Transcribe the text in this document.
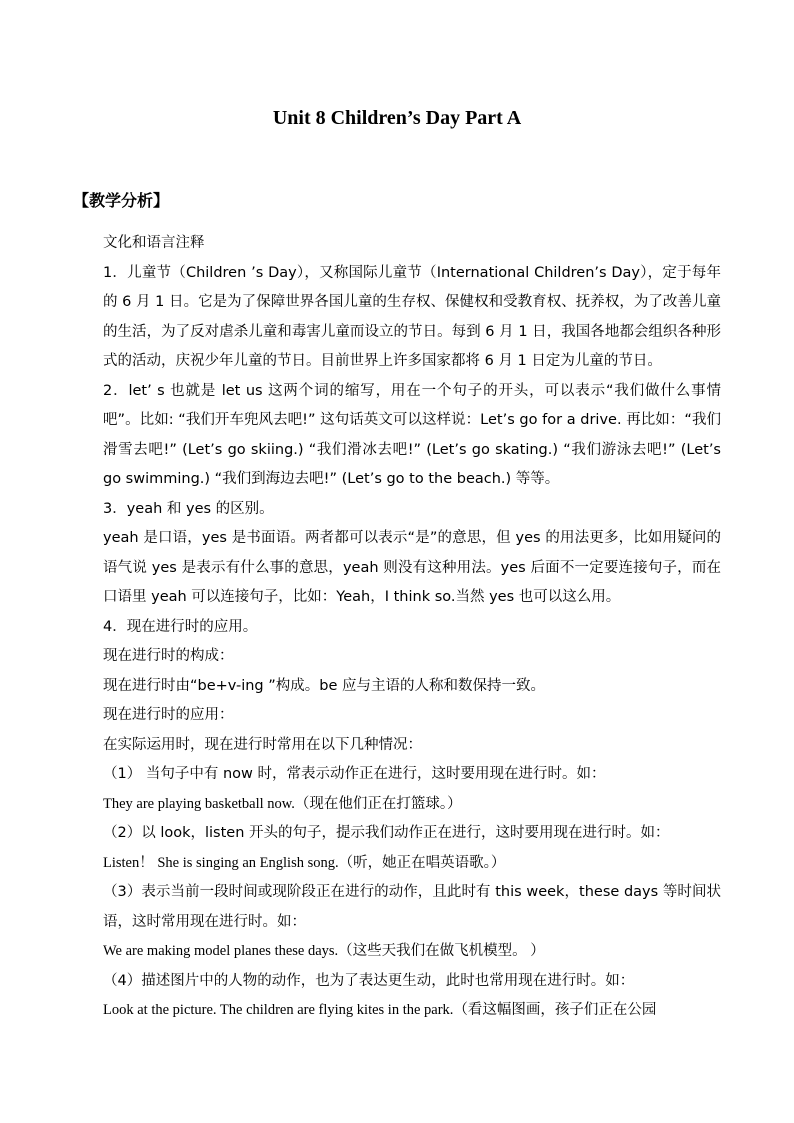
Unit 8 Children’s Day Part A
【教学分析】

文化和语言注释

1．儿童节（Children ’s Day），又称国际儿童节（International Children’s Day），定于每年的 6 月 1 日。它是为了保障世界各国儿童的生存权、保健权和受教育权、抚养权，为了改善儿童的生活，为了反对虐杀儿童和毒害儿童而设立的节日。每到 6 月 1 日，我国各地都会组织各种形式的活动，庆祝少年儿童的节日。目前世界上许多国家都将 6 月 1 日定为儿童的节日。

2．let’ s 也就是 let us 这两个词的缩写，用在一个句子的开头，可以表示“我们做什么事情吧”。比如: “我们开车兜风去吧!” 这句话英文可以这样说：Let’s go for a drive. 再比如：“我们滑雪去吧!” (Let’s go skiing.) “我们滑冰去吧!” (Let’s go skating.) “我们游泳去吧!” (Let’s go swimming.) “我们到海边去吧!” (Let’s go to the beach.) 等等。

3．yeah 和 yes 的区别。

yeah 是口语，yes 是书面语。两者都可以表示“是”的意思，但 yes 的用法更多，比如用疑问的语气说 yes 是表示有什么事的意思，yeah 则没有这种用法。yes 后面不一定要连接句子，而在口语里 yeah 可以连接句子，比如：Yeah，I think so.当然 yes 也可以这么用。

4．现在进行时的应用。

现在进行时的构成：

现在进行时由“be+v-ing ”构成。be 应与主语的人称和数保持一致。

现在进行时的应用：

在实际运用时，现在进行时常用在以下几种情况：

（1） 当句子中有 now 时，常表示动作正在进行，这时要用现在进行时。如：

They are playing basketball now.（现在他们正在打篮球。）

（2）以 look，listen 开头的句子，提示我们动作正在进行，这时要用现在进行时。如：

Listen！ She is singing an English song.（听，她正在唱英语歌。）

（3）表示当前一段时间或现阶段正在进行的动作，且此时有 this week，these days 等时间状语，这时常用现在进行时。如：

We are making model planes these days.（这些天我们在做飞机模型。 ）

（4）描述图片中的人物的动作，也为了表达更生动，此时也常用现在进行时。如：

Look at the picture. The children are flying kites in the park.（看这幅图画，孩子们正在公园
